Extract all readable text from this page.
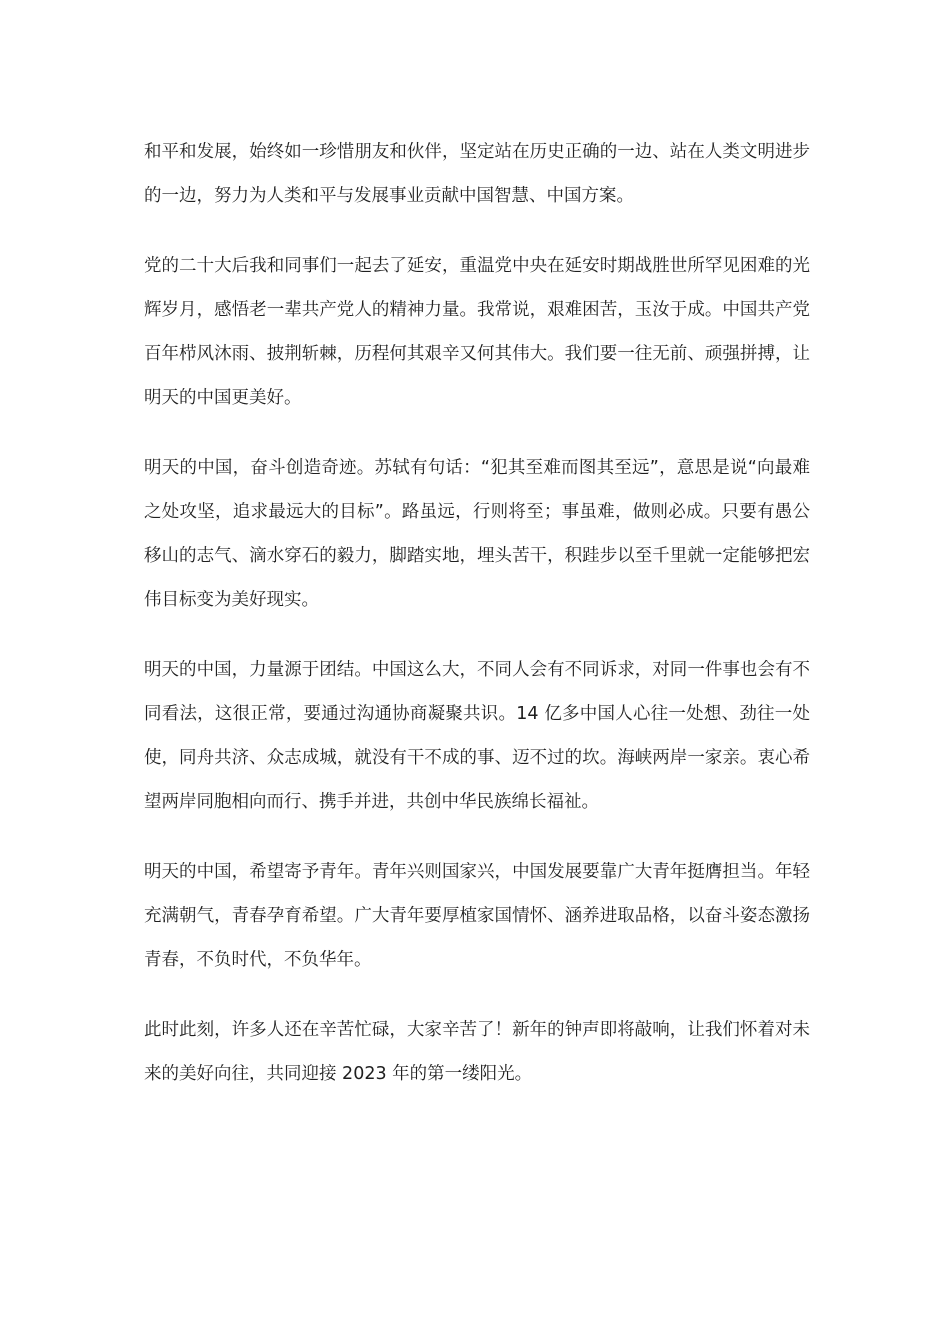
和平和发展，始终如一珍惜朋友和伙伴，坚定站在历史正确的一边、站在人类文明进步的一边，努力为人类和平与发展事业贡献中国智慧、中国方案。

党的二十大后我和同事们一起去了延安，重温党中央在延安时期战胜世所罕见困难的光辉岁月，感悟老一辈共产党人的精神力量。我常说，艰难困苦，玉汝于成。中国共产党百年栉风沐雨、披荆斩棘，历程何其艰辛又何其伟大。我们要一往无前、顽强拼搏，让明天的中国更美好。

明天的中国，奋斗创造奇迹。苏轼有句话：“犯其至难而图其至远”，意思是说“向最难之处攻坚，追求最远大的目标”。路虽远，行则将至；事虽难，做则必成。只要有愚公移山的志气、滴水穿石的毅力，脚踏实地，埋头苦干，积跬步以至千里就一定能够把宏伟目标变为美好现实。

明天的中国，力量源于团结。中国这么大，不同人会有不同诉求，对同一件事也会有不同看法，这很正常，要通过沟通协商凝聚共识。14 亿多中国人心往一处想、劲往一处使，同舟共济、众志成城，就没有干不成的事、迈不过的坎。海峡两岸一家亲。衷心希望两岸同胞相向而行、携手并进，共创中华民族绵长福祉。

明天的中国，希望寄予青年。青年兴则国家兴，中国发展要靠广大青年挺膺担当。年轻充满朝气，青春孕育希望。广大青年要厚植家国情怀、涵养进取品格，以奋斗姿态激扬青春，不负时代，不负华年。

此时此刻，许多人还在辛苦忙碌，大家辛苦了！新年的钟声即将敲响，让我们怀着对未来的美好向往，共同迎接 2023 年的第一缕阳光。
